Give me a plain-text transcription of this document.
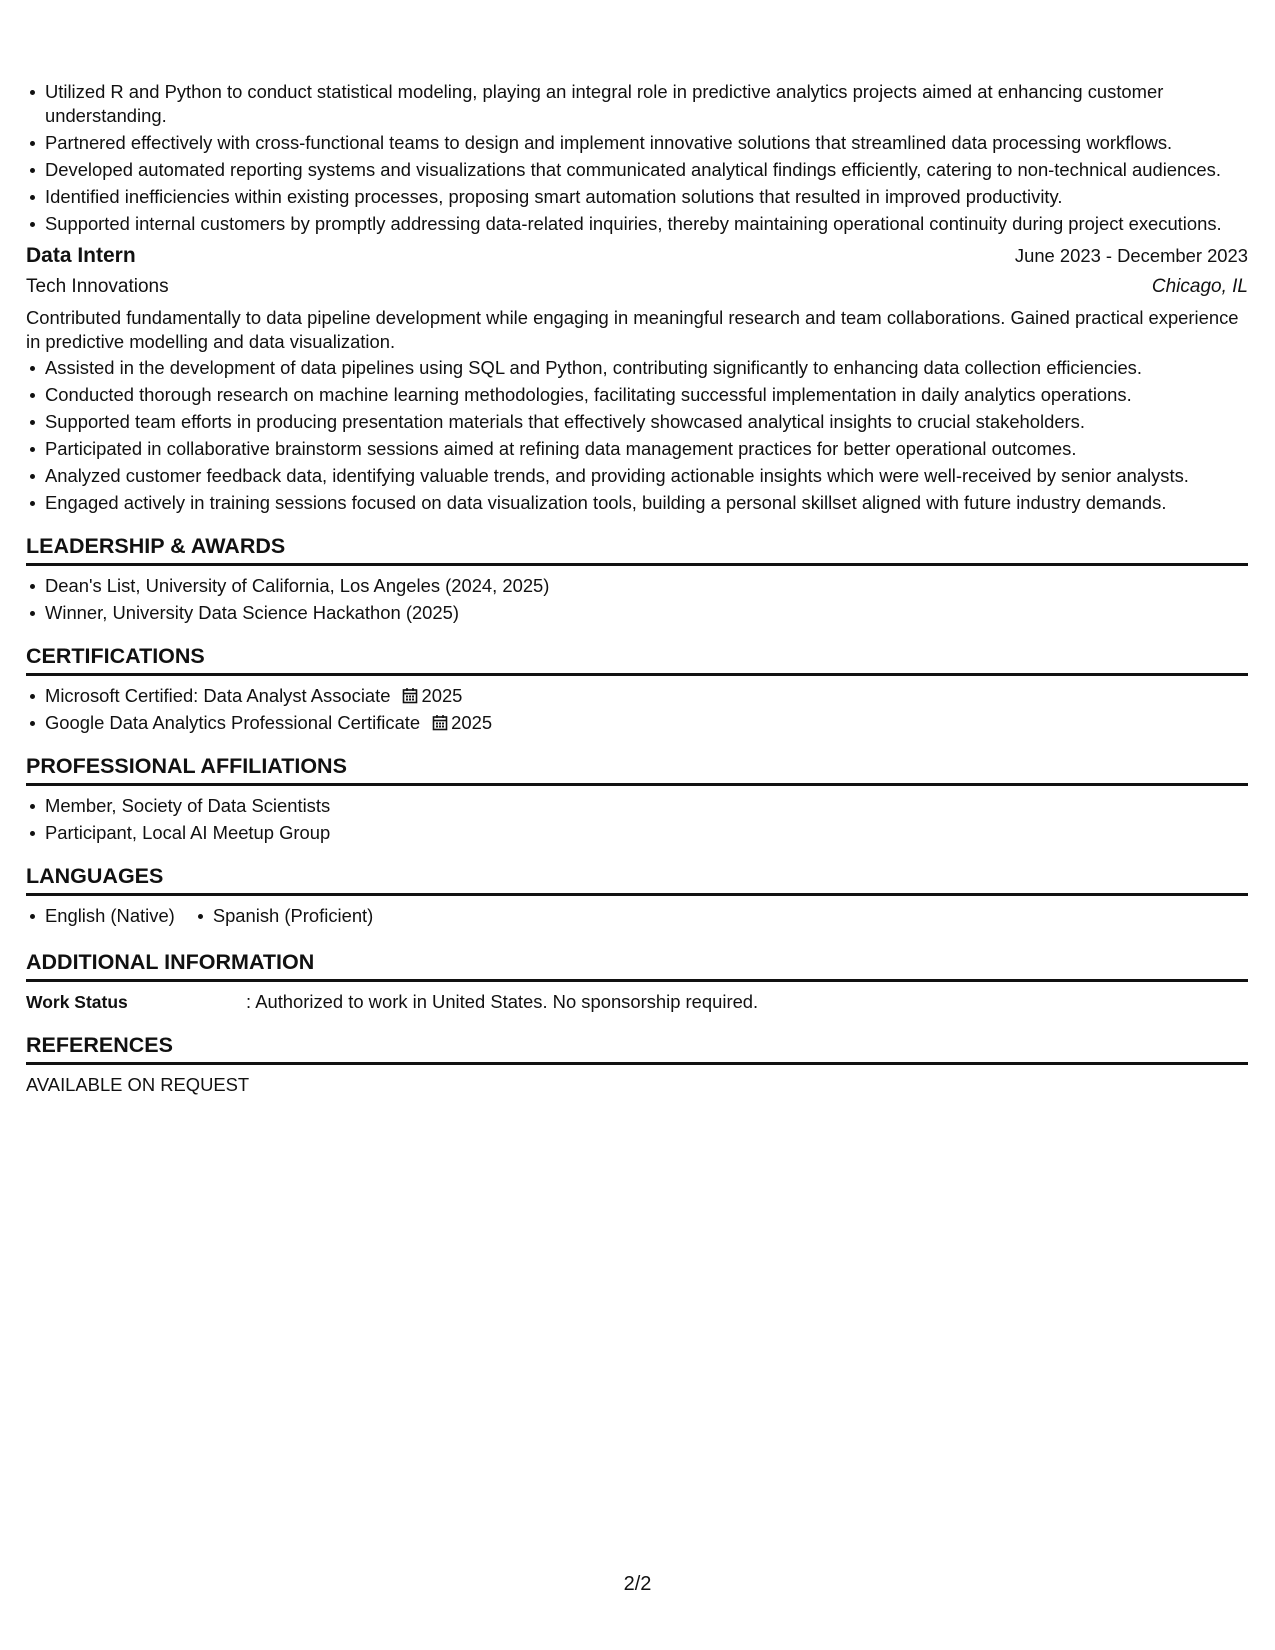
Utilized R and Python to conduct statistical modeling, playing an integral role in predictive analytics projects aimed at enhancing customer understanding.
Partnered effectively with cross-functional teams to design and implement innovative solutions that streamlined data processing workflows.
Developed automated reporting systems and visualizations that communicated analytical findings efficiently, catering to non-technical audiences.
Identified inefficiencies within existing processes, proposing smart automation solutions that resulted in improved productivity.
Supported internal customers by promptly addressing data-related inquiries, thereby maintaining operational continuity during project executions.
Data Intern	June 2023 - December 2023
Tech Innovations	Chicago, IL
Contributed fundamentally to data pipeline development while engaging in meaningful research and team collaborations. Gained practical experience in predictive modelling and data visualization.
Assisted in the development of data pipelines using SQL and Python, contributing significantly to enhancing data collection efficiencies.
Conducted thorough research on machine learning methodologies, facilitating successful implementation in daily analytics operations.
Supported team efforts in producing presentation materials that effectively showcased analytical insights to crucial stakeholders.
Participated in collaborative brainstorm sessions aimed at refining data management practices for better operational outcomes.
Analyzed customer feedback data, identifying valuable trends, and providing actionable insights which were well-received by senior analysts.
Engaged actively in training sessions focused on data visualization tools, building a personal skillset aligned with future industry demands.
LEADERSHIP & AWARDS
Dean's List, University of California, Los Angeles (2024, 2025)
Winner, University Data Science Hackathon (2025)
CERTIFICATIONS
Microsoft Certified: Data Analyst Associate 2025
Google Data Analytics Professional Certificate 2025
PROFESSIONAL AFFILIATIONS
Member, Society of Data Scientists
Participant, Local AI Meetup Group
LANGUAGES
English (Native) Spanish (Proficient)
ADDITIONAL INFORMATION
Work Status	: Authorized to work in United States. No sponsorship required.
REFERENCES
AVAILABLE ON REQUEST
2/2
